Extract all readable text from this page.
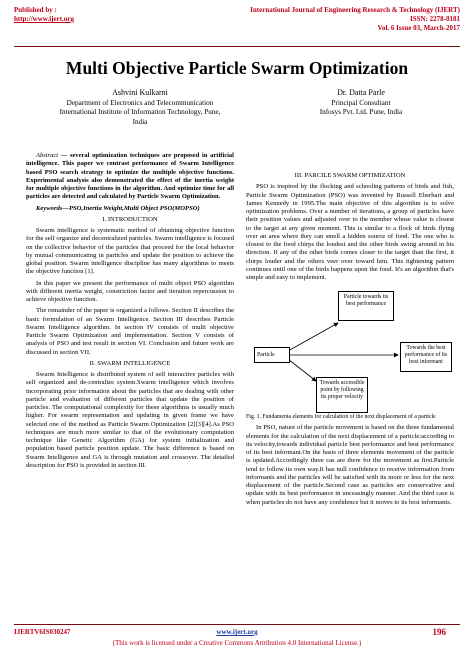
Published by :
http://www.ijert.org
International Journal of Engineering Research & Technology (IJERT)
ISSN: 2278-0181
Vol. 6 Issue 03, March-2017
Multi Objective Particle Swarm Optimization
Ashvini Kulkarni
Department of Electronics and Telecommunication
International Institute of Information Technology, Pune,
India
Dr. Datta Parle
Principal Consultant
Infosys Pvt. Ltd. Pune, India

Abstract — several optimization techniques are proposed in artificial intelligence. This paper we contrast performance of Swarm Intelligence based PSO search strategy to optimize the multiple objective functions. Experimental analysis also demonstrated the effect of the inertia weight for multiple objective functions in the algorithm. And optimize time for all particles are detected and calculated by Particle Swarm Optimization.

Keywords—PSO,Inertia Weight,Multi Object PSO(MOPSO)

I. INTRODUCTION

Swarm intelligence is systematic method of obtaining objective function for the self organize and decentralized particles. Swarm intelligence is focused on the collective behavior of the particles that proceed for the local behavior by mutual communicating in particles and update the position to achieve the global position. Swarm intelligence discipline has many algorithms to meets the objective function [1].

In this paper we present the performance of multi object PSO algorithm with different inertia weight, constriction factor and iteration repercussion to achieve objective function.

The remainder of the paper is organized a follows. Section II describes the basic formulation of an Swarm Intelligence. Section III describes Particle Swarm Intelligence algorithm. In section IV consists of multi objective Particle Swarm Optimization and implementation. Section V consists of analysis of PSO and test result in section VI. Conclusion and future work are discussed in section VII.

II. SWARM INTELLIGENCE

Swarm Intelligence is distributed system of self interactive particles with self organized and de-centralize system.Swarm intelligence which involves incorporating prior information about the particles that are dealing with other particle and evaluation of different particles that update the position of particles. The computational complexity for these algorithms is usually much higher. For swarm representation and updating in given frame we have selected one of the method as Particle Swarm Optimization [2][3][4].As PSO techniques are much more similar to that of the evolutionary computation technique like Genetic Algorithm (GA) for system initialization and population based particle position update. The basic difference is based on Swarm Intelligence and GA is through mutation and crossover. The detailed description for PSO is provided in section III.

III. PARCILE SWARM OPTIMIZATION

PSO is inspired by the flocking and schooling patterns of birds and fish, Particle Swarm Optimization (PSO) was invented by Russell Eberhart and James Kennedy in 1995.The main objective of this algorithm is to solve optimization problems. Over a number of iterations, a group of particles have their position values and adjusted over to the member whose value is closest to the target at any given moment. This is similar to a flock of birds flying over an area where they can smell a hidden source of food. The one who is closest to the food chirps the loudest and the other birds swing around in his direction. If any of the other birds comes closer to the target than the first, it chirps louder and the others veer over toward him. This tightening pattern continues until one of the birds happens upon the food. It's an algorithm that's simple and easy to implement.

Particle towards its best performance
Particle
Towards the best performance of its best informant
Towards accessible point by following its proper velocity

Fig. 1. Fundamenta elements for calculation of the next displacement of a particle

In PSO, nature of the particle movement is based on the three fundamental elements for the calculation of the next displacement of a particle:according to its velocity,towards individual particle best performance and best performance of its best informant.On the basis of three elements movement of the particle is updated.Accordingly three cas are there for the movement as first.Particle tend to follow its own way.It has null confidence to receive information from informants and the particles will be satisfied with its more or less for the next displacement of the particle.Second case as particles are conservative and update with its best performance in unceasingly manner. And the third case is when particles do not have any confidence but it moves to its best informants.

IJERTV6IS030247	www.ijert.org	196
(This work is licensed under a Creative Commons Attribution 4.0 International License.)
